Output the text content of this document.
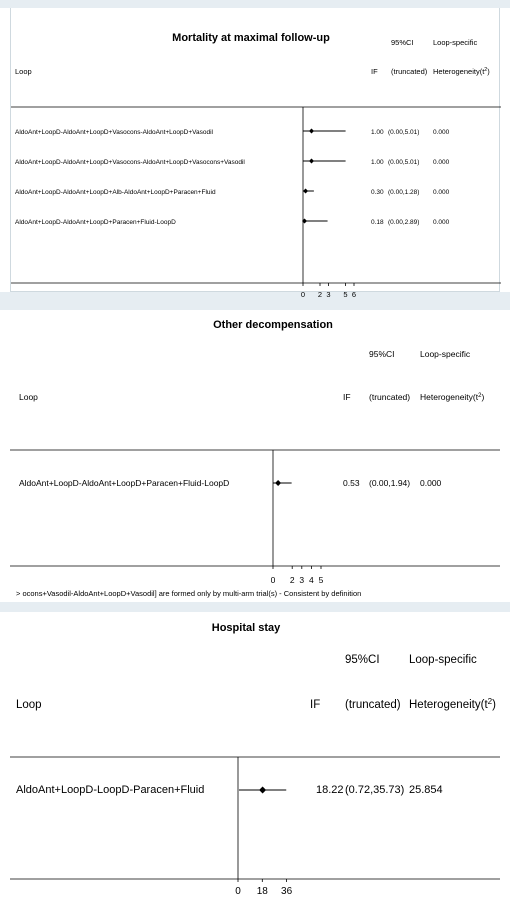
Mortality at maximal follow-up
Loop	IF
95%CI
(truncated)
Loop-specific
$Heterogeneity(t^2)$
AldoAnt+LoopD-AldoAnt+LoopD+Vasocons-AldoAnt+LoopD+Vasodil	1.00 (0.00,5.01) 0.000
AldoAnt+LoopD-AldoAnt+LoopD+Vasocons-AldoAnt+LoopD+Vasocons+Vasodil	1.00 (0.00,5.01) 0.000
AldoAnt+LoopD-AldoAnt+LoopD+Alb-AldoAnt+LoopD+Paracen+Fluid	0.30 (0.00,1.28) 0.000
AldoAnt+LoopD-AldoAnt+LoopD+Paracen+Fluid-LoopD	0.18 (0.00,2.89) 0.000
0 2 3 5 6
Other decompensation
Loop	IF
95%CI
(truncated)
Loop-specific
$Heterogeneity(t^2)$
AldoAnt+LoopD-AldoAnt+LoopD+Paracen+Fluid-LoopD	0.53 (0.00,1.94) 0.000
0 2 3 4 5
> ocons+Vasodil-AldoAnt+LoopD+Vasodil] are formed only by multi-arm trial(s) - Consistent by definition
Hospital stay
Loop	IF
95%CI
(truncated)
Loop-specific
$Heterogeneity(t^2)$
AldoAnt+LoopD-LoopD-Paracen+Fluid	18.22 (0.72,35.73) 25.854
0 18 36
